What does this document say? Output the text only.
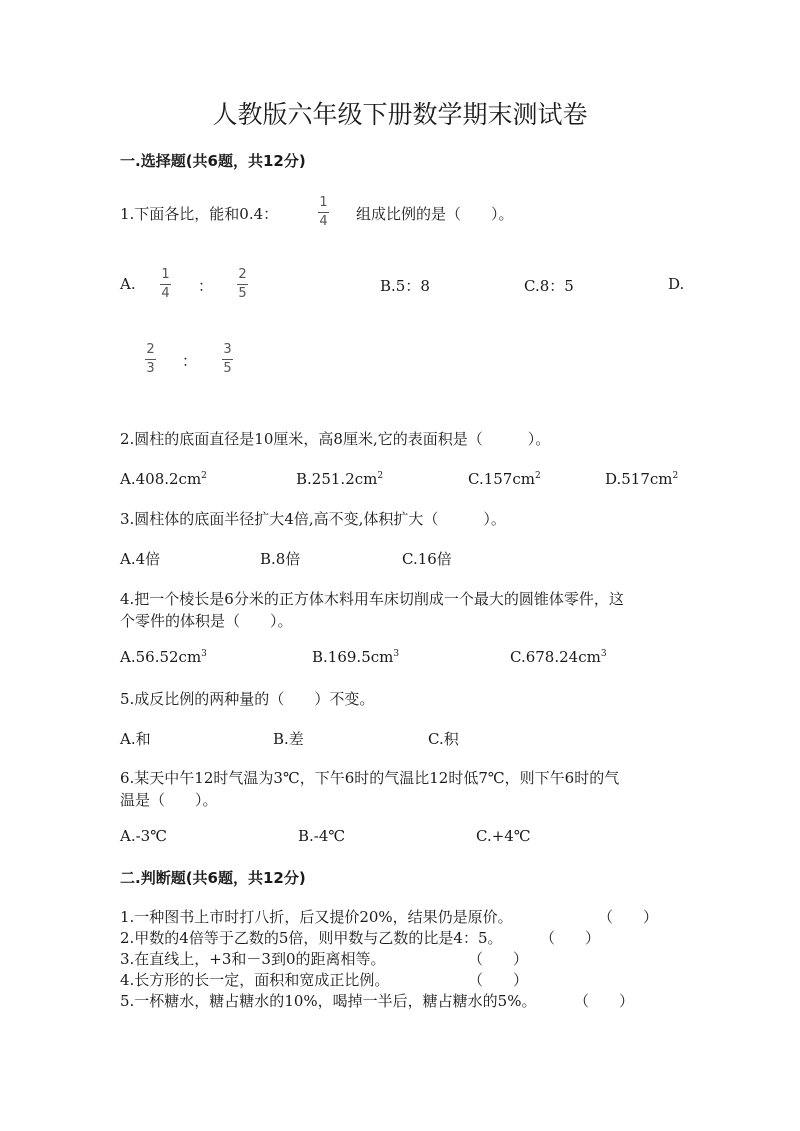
人教版六年级下册数学期末测试卷
一.选择题(共6题，共12分)
1.下面各比，能和0.4：
1
4 组成比例的是（　　）。
A.
1
4 ：
2
5	B.5：8	C.8：5	D.
2
3 ：
3
5
2.圆柱的底面直径是10厘米，高8厘米,它的表面积是（　　　）。
$A.408.2cm^2$	$B.251.2cm^2$	$C.157cm^2$	$D.517cm^2$
3.圆柱体的底面半径扩大4倍,高不变,体积扩大（　　　）。
A.4倍	B.8倍	C.16倍
4.把一个棱长是6分米的正方体木料用车床切削成一个最大的圆锥体零件，这
个零件的体积是（　　）。
$A.56.52cm^3$	$B.169.5cm^3$	$C.678.24cm^3$
5.成反比例的两种量的（　　）不变。
A.和	B.差	C.积
6.某天中午12时气温为3℃，下午6时的气温比12时低7℃，则下午6时的气
温是（　　）。
A.-3℃	B.-4℃	C.+4℃
二.判断题(共6题，共12分)
1.一种图书上市时打八折，后又提价20%，结果仍是原价。	（　　）
2.甲数的4倍等于乙数的5倍，则甲数与乙数的比是4：5。	（　　）
3.在直线上，+3和－3到0的距离相等。	（　　）
4.长方形的长一定，面积和宽成正比例。	（　　）
5.一杯糖水，糖占糖水的10%，喝掉一半后，糖占糖水的5%。	（　　）
